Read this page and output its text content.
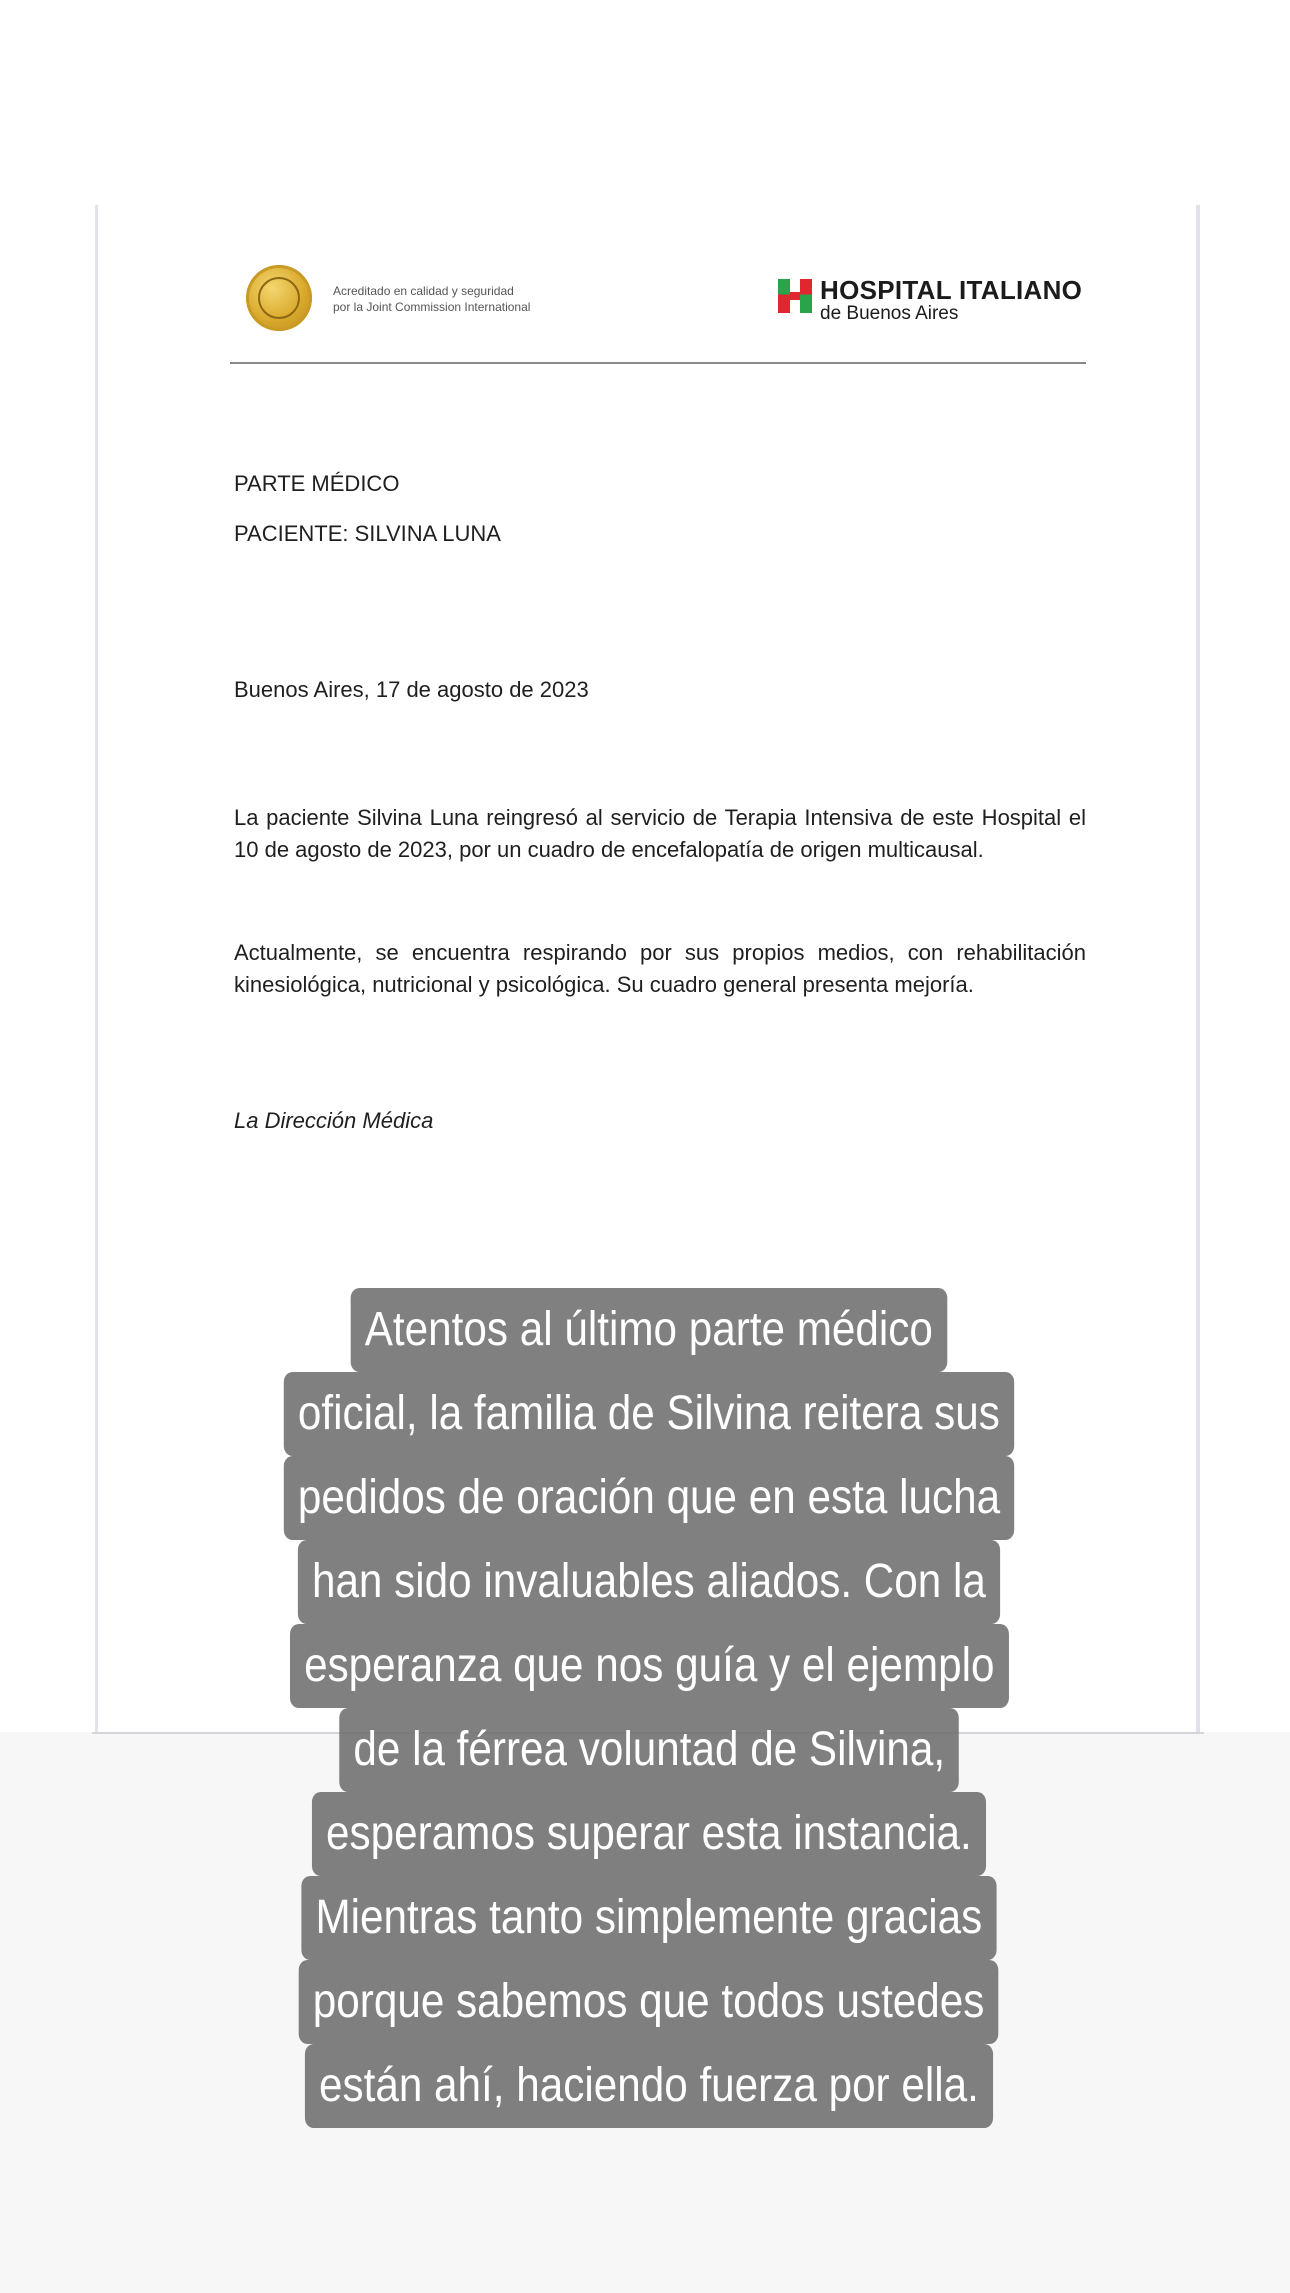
Acreditado en calidad y seguridad
por la Joint Commission International
HOSPITAL ITALIANO
de Buenos Aires
PARTE MÉDICO
PACIENTE: SILVINA LUNA
Buenos Aires, 17 de agosto de 2023
La paciente Silvina Luna reingresó al servicio de Terapia Intensiva de este Hospital el 10 de agosto de 2023, por un cuadro de encefalopatía de origen multicausal.
Actualmente, se encuentra respirando por sus propios medios, con rehabilitación kinesiológica, nutricional y psicológica. Su cuadro general presenta mejoría.
La Dirección Médica
Atentos al último parte médico
oficial, la familia de Silvina reitera sus
pedidos de oración que en esta lucha
han sido invaluables aliados. Con la
esperanza que nos guía y el ejemplo
de la férrea voluntad de Silvina,
esperamos superar esta instancia.
Mientras tanto simplemente gracias
porque sabemos que todos ustedes
están ahí, haciendo fuerza por ella.
